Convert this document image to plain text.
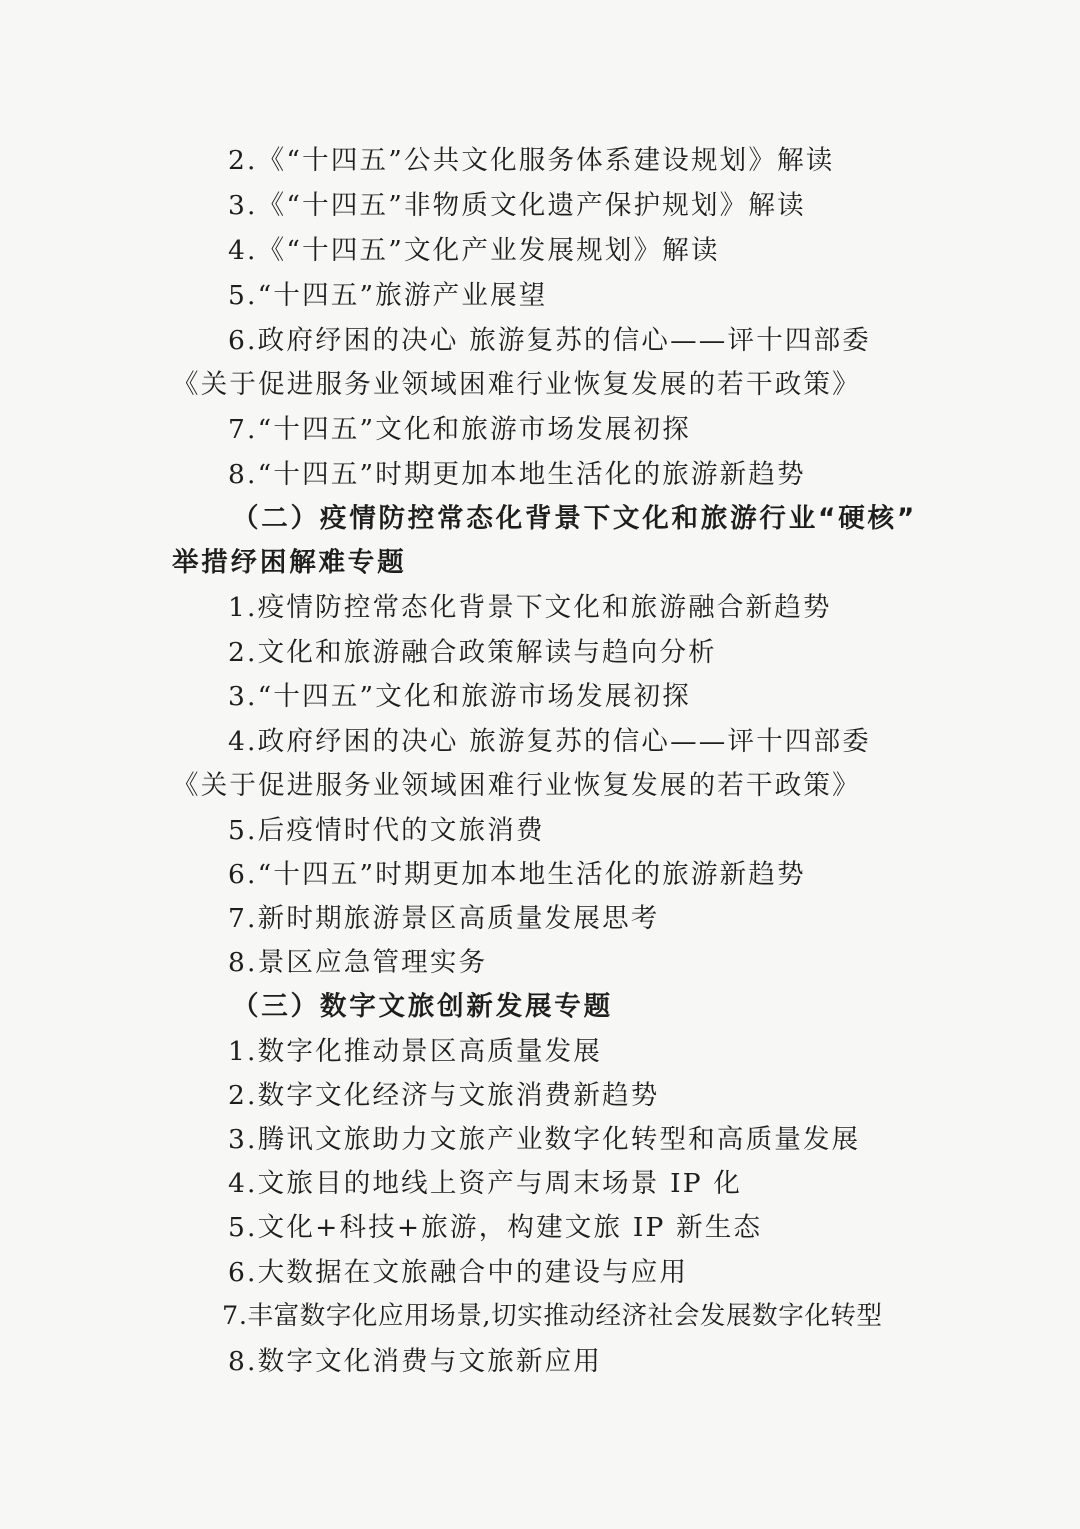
2.《“十四五”公共文化服务体系建设规划》解读
3.《“十四五”非物质文化遗产保护规划》解读
4.《“十四五”文化产业发展规划》解读
5.“十四五”旅游产业展望
6.政府纾困的决心 旅游复苏的信心——评十四部委
《关于促进服务业领域困难行业恢复发展的若干政策》
7.“十四五”文化和旅游市场发展初探
8.“十四五”时期更加本地生活化的旅游新趋势
（二）疫情防控常态化背景下文化和旅游行业“硬核”
举措纾困解难专题
1.疫情防控常态化背景下文化和旅游融合新趋势
2.文化和旅游融合政策解读与趋向分析
3.“十四五”文化和旅游市场发展初探
4.政府纾困的决心 旅游复苏的信心——评十四部委
《关于促进服务业领域困难行业恢复发展的若干政策》
5.后疫情时代的文旅消费
6.“十四五”时期更加本地生活化的旅游新趋势
7.新时期旅游景区高质量发展思考
8.景区应急管理实务
（三）数字文旅创新发展专题
1.数字化推动景区高质量发展
2.数字文化经济与文旅消费新趋势
3.腾讯文旅助力文旅产业数字化转型和高质量发展
4.文旅目的地线上资产与周末场景 IP 化
5.文化+科技+旅游，构建文旅 IP 新生态
6.大数据在文旅融合中的建设与应用
7.丰富数字化应用场景,切实推动经济社会发展数字化转型
8.数字文化消费与文旅新应用
